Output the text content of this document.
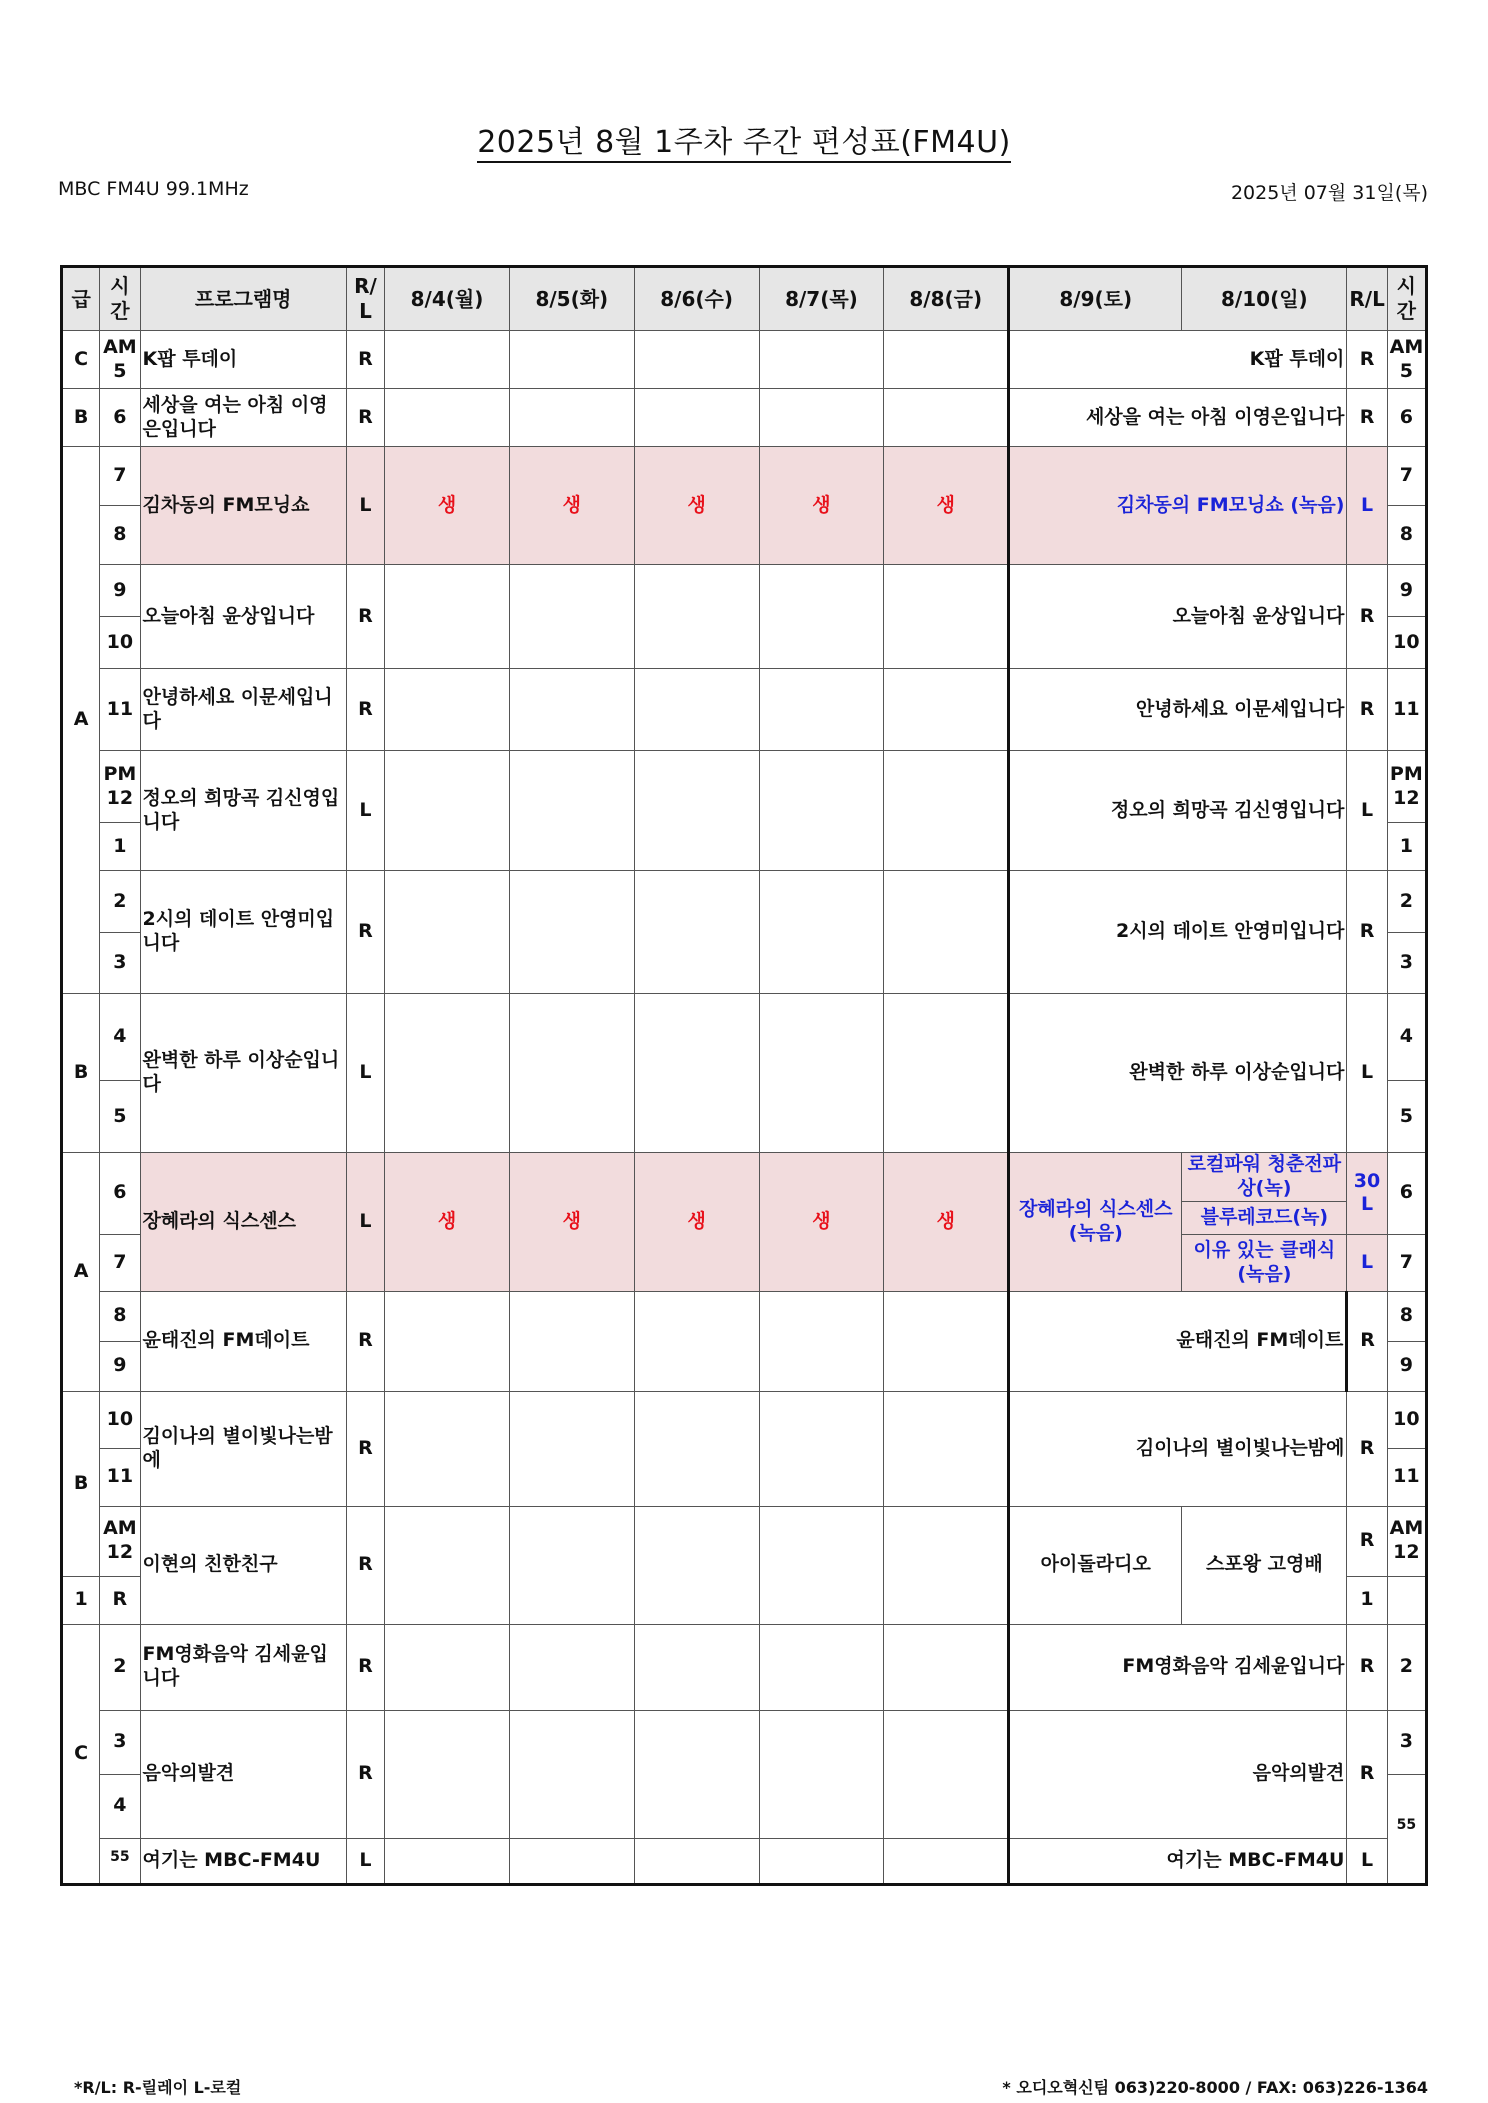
2025년 8월 1주차 주간 편성표(FM4U)
MBC FM4U 99.1MHz	2025년 07월 31일(목)
급	시간	프로그램명	R/ L	8/4(월)	8/5(화)	8/6(수)	8/7(목)	8/8(금)	8/9(토)	8/10(일)	R/L	시 간
C	AM 5	K팝 투데이	R						K팝 투데이		R	AM 5
B	6	세상을 여는 아침 이영은입니다	R						세상을 여는 아침 이영은입니다		R	6
A	7	김차동의 FM모닝쇼	L	생	생	생	생	생	김차동의 FM모닝쇼 (녹음)		L	7
	8											8
	9	오늘아침 윤상입니다	R						오늘아침 윤상입니다		R	9
	10											10
	11	안녕하세요 이문세입니다	R						안녕하세요 이문세입니다		R	11
	PM 12	정오의 희망곡 김신영입니다	L						정오의 희망곡 김신영입니다		L	PM 12
	1											1
	2	2시의 데이트 안영미입니다	R						2시의 데이트 안영미입니다		R	2
	3											3
B	4	완벽한 하루 이상순입니다	L						완벽한 하루 이상순입니다		L	4
	5											5
A	6	장혜라의 식스센스	L	생	생	생	생	생	장혜라의 식스센스 (녹음)	로컬파워 청춘전파상(녹)	30 L	6
										블루레코드(녹)		
	7									이유 있는 클래식 (녹음)	L	7

	8	윤태진의 FM데이트	R						윤태진의 FM데이트		R	8
	9											9
B	10	김이나의 별이빛나는밤에	R						김이나의 별이빛나는밤에		R	10
	11											11
	AM 12	이현의 친한친구	R						아이돌라디오	스포왕 고영배	R	AM 12
1	R										1	
C	2	FM영화음악 김세윤입니다	R						FM영화음악 김세윤입니다		R	2
	3	음악의발견	R						음악의발견		R	3
	4											$^{55}$
	$^{55}$	여기는 MBC-FM4U	L						여기는 MBC-FM4U		L	
*R/L: R-릴레이 L-로컬	* 오디오혁신팀 063)220-8000 / FAX: 063)226-1364
